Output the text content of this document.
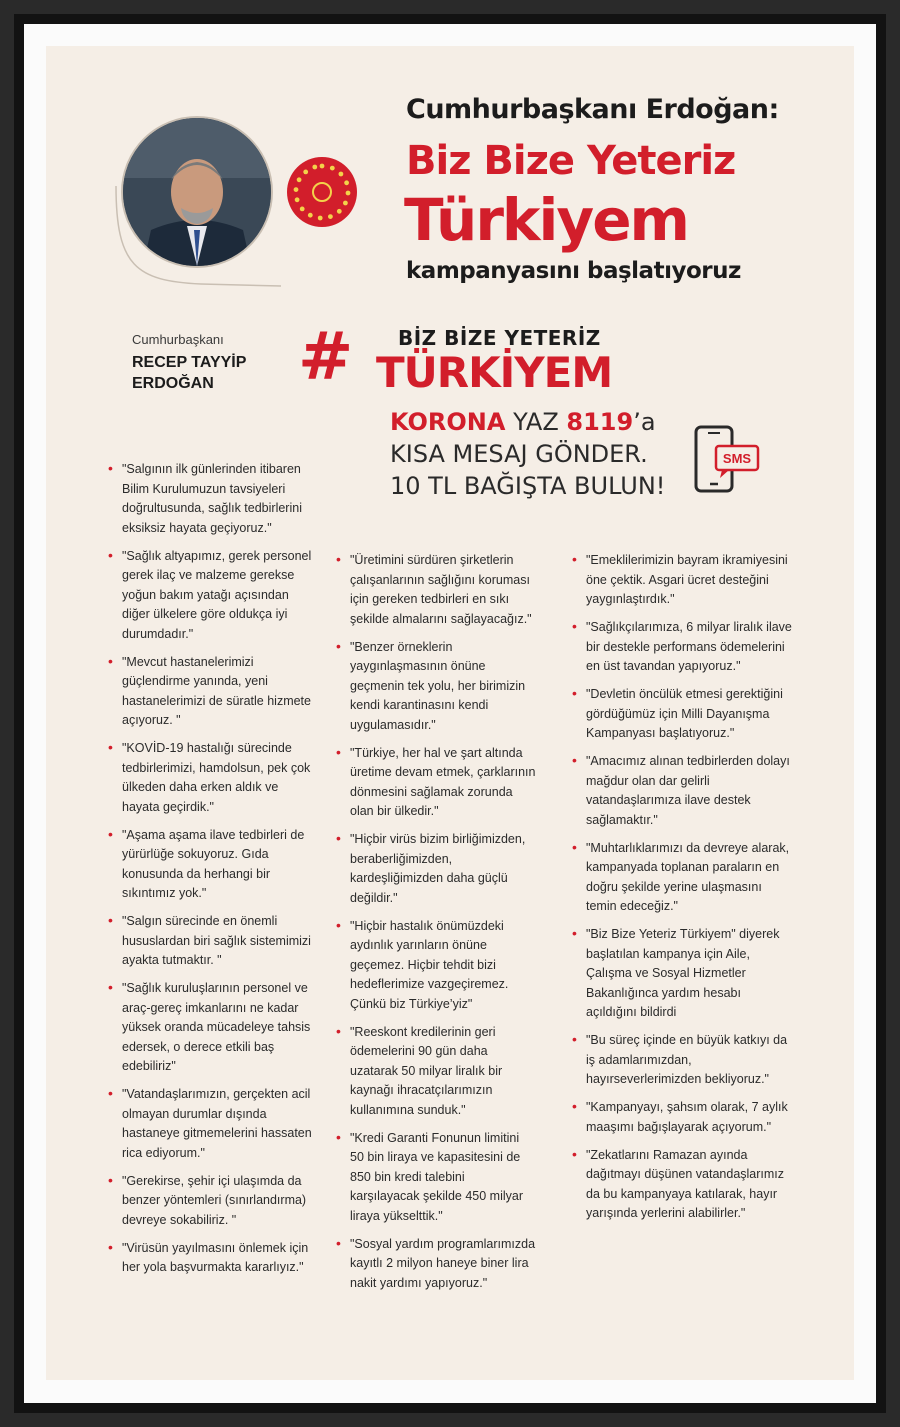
Cumhurbaşkanı Erdoğan:
Biz Bize Yeteriz
Türkiyem
kampanyasını başlatıyoruz
Cumhurbaşkanı
RECEP TAYYİP
ERDOĞAN # BİZ BİZE YETERİZ
TÜRKİYEM
KORONA YAZ 8119’a
KISA MESAJ GÖNDER.
10 TL BAĞIŞTA BULUN!
SMS
• "Salgının ilk günlerinden itibaren Bilim Kurulumuzun tavsiyeleri doğrultusunda, sağlık tedbirlerini eksiksiz hayata geçiyoruz."
• "Sağlık altyapımız, gerek personel gerek ilaç ve malzeme gerekse yoğun bakım yatağı açısından diğer ülkelere göre oldukça iyi durumdadır."
• "Mevcut hastanelerimizi güçlendirme yanında, yeni hastanelerimizi de süratle hizmete açıyoruz. "
• "KOVİD-19 hastalığı sürecinde tedbirlerimizi, hamdolsun, pek çok ülkeden daha erken aldık ve hayata geçirdik."
• "Aşama aşama ilave tedbirleri de yürürlüğe sokuyoruz. Gıda konusunda da herhangi bir sıkıntımız yok."
• "Salgın sürecinde en önemli hususlardan biri sağlık sistemimizi ayakta tutmaktır. "
• "Sağlık kuruluşlarının personel ve araç-gereç imkanlarını ne kadar yüksek oranda mücadeleye tahsis edersek, o derece etkili baş edebiliriz"
• "Vatandaşlarımızın, gerçekten acil olmayan durumlar dışında hastaneye gitmemelerini hassaten rica ediyorum."
• "Gerekirse, şehir içi ulaşımda da benzer yöntemleri (sınırlandırma) devreye sokabiliriz. "
• "Virüsün yayılmasını önlemek için her yola başvurmakta kararlıyız."
• "Üretimini sürdüren şirketlerin çalışanlarının sağlığını koruması için gereken tedbirleri en sıkı şekilde almalarını sağlayacağız."
• "Benzer örneklerin yaygınlaşmasının önüne geçmenin tek yolu, her birimizin kendi karantinasını kendi uygulamasıdır."
• "Türkiye, her hal ve şart altında üretime devam etmek, çarklarının dönmesini sağlamak zorunda olan bir ülkedir."
• "Hiçbir virüs bizim birliğimizden, beraberliğimizden, kardeşliğimizden daha güçlü değildir."
• "Hiçbir hastalık önümüzdeki aydınlık yarınların önüne geçemez. Hiçbir tehdit bizi hedeflerimize vazgeçiremez. Çünkü biz Türkiye’yiz"
• "Reeskont kredilerinin geri ödemelerini 90 gün daha uzatarak 50 milyar liralık bir kaynağı ihracatçılarımızın kullanımına sunduk."
• "Kredi Garanti Fonunun limitini 50 bin liraya ve kapasitesini de 850 bin kredi talebini karşılayacak şekilde 450 milyar liraya yükselttik."
• "Sosyal yardım programlarımızda kayıtlı 2 milyon haneye biner lira nakit yardımı yapıyoruz."
• "Emeklilerimizin bayram ikramiyesini öne çektik. Asgari ücret desteğini yaygınlaştırdık."
• "Sağlıkçılarımıza, 6 milyar liralık ilave bir destekle performans ödemelerini en üst tavandan yapıyoruz."
• "Devletin öncülük etmesi gerektiğini gördüğümüz için Milli Dayanışma Kampanyası başlatıyoruz."
• "Amacımız alınan tedbirlerden dolayı mağdur olan dar gelirli vatandaşlarımıza ilave destek sağlamaktır."
• "Muhtarlıklarımızı da devreye alarak, kampanyada toplanan paraların en doğru şekilde yerine ulaşmasını temin edeceğiz."
• "Biz Bize Yeteriz Türkiyem" diyerek başlatılan kampanya için Aile, Çalışma ve Sosyal Hizmetler Bakanlığınca yardım hesabı açıldığını bildirdi
• "Bu süreç içinde en büyük katkıyı da iş adamlarımızdan, hayırseverlerimizden bekliyoruz."
• "Kampanyayı, şahsım olarak, 7 aylık maaşımı bağışlayarak açıyorum."
• "Zekatlarını Ramazan ayında dağıtmayı düşünen vatandaşlarımız da bu kampanyaya katılarak, hayır yarışında yerlerini alabilirler."
